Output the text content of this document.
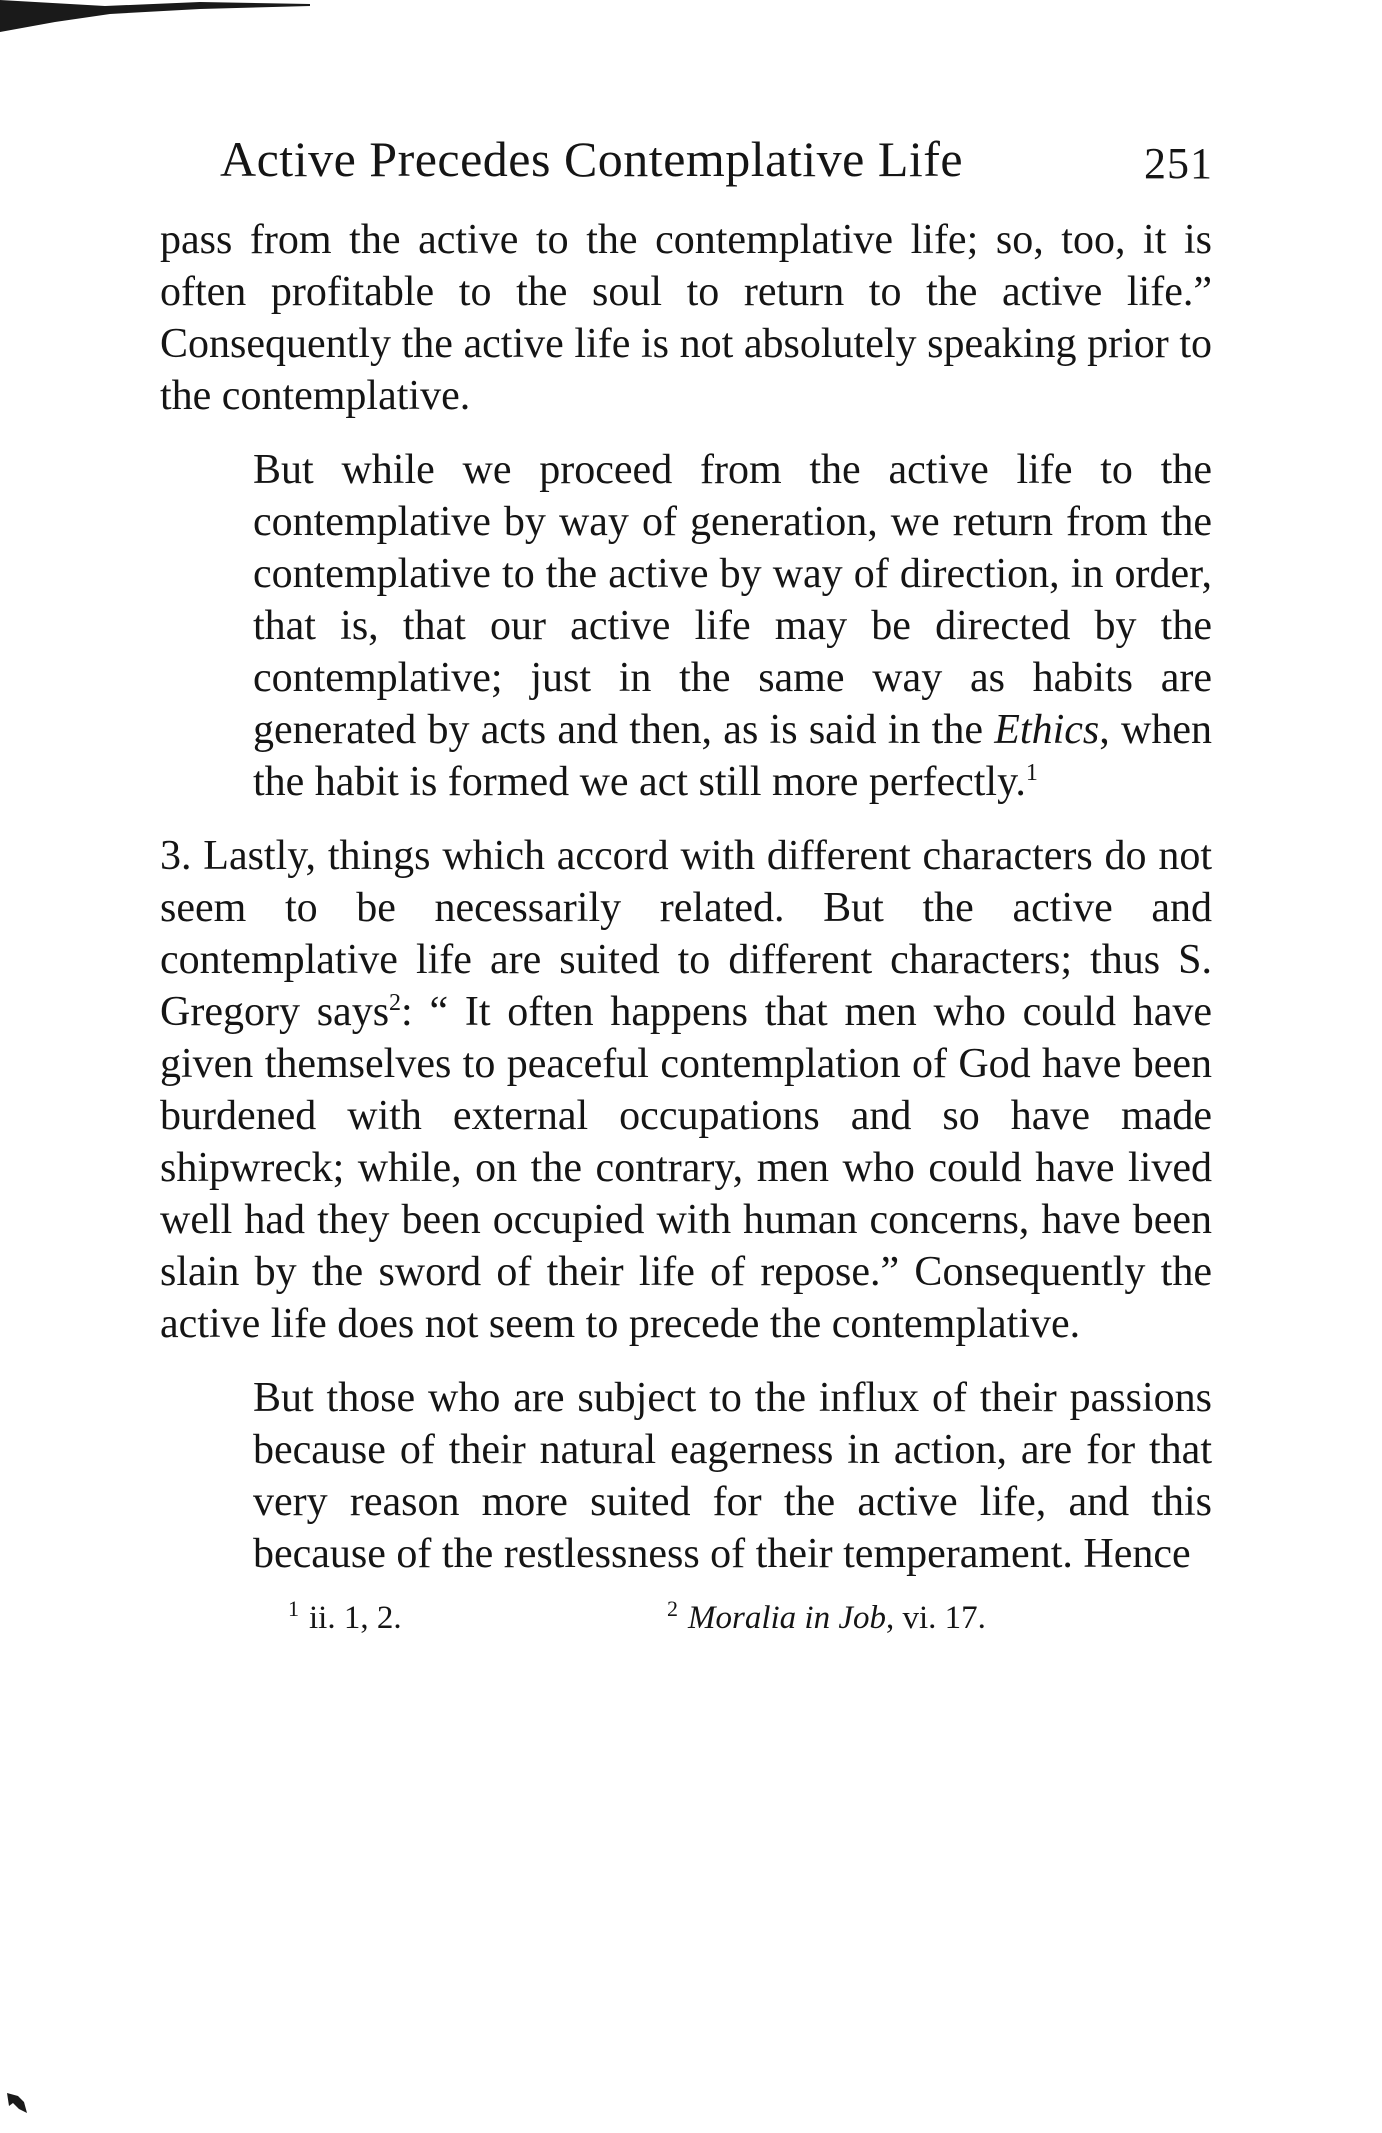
Active Precedes Contemplative Life	251

pass from the active to the contemplative life; so, too, it is often profitable to the soul to return to the active life.” Consequently the active life is not absolutely speaking prior to the contemplative.

But while we proceed from the active life to the contemplative by way of generation, we return from the contemplative to the active by way of direction, in order, that is, that our active life may be directed by the contemplative; just in the same way as habits are generated by acts and then, as is said in the Ethics, when the habit is formed we act still more perfectly.$^1$

3. Lastly, things which accord with different characters do not seem to be necessarily related. But the active and contemplative life are suited to different characters; thus S. Gregory says$^2$: “ It often happens that men who could have given themselves to peaceful contemplation of God have been burdened with external occupations and so have made shipwreck; while, on the contrary, men who could have lived well had they been occupied with human concerns, have been slain by the sword of their life of repose.” Consequently the active life does not seem to precede the contemplative.

But those who are subject to the influx of their passions because of their natural eagerness in action, are for that very reason more suited for the active life, and this because of the restlessness of their temperament. Hence

$^1$ ii. 1, 2.	$^2$ Moralia in Job, vi. 17.
